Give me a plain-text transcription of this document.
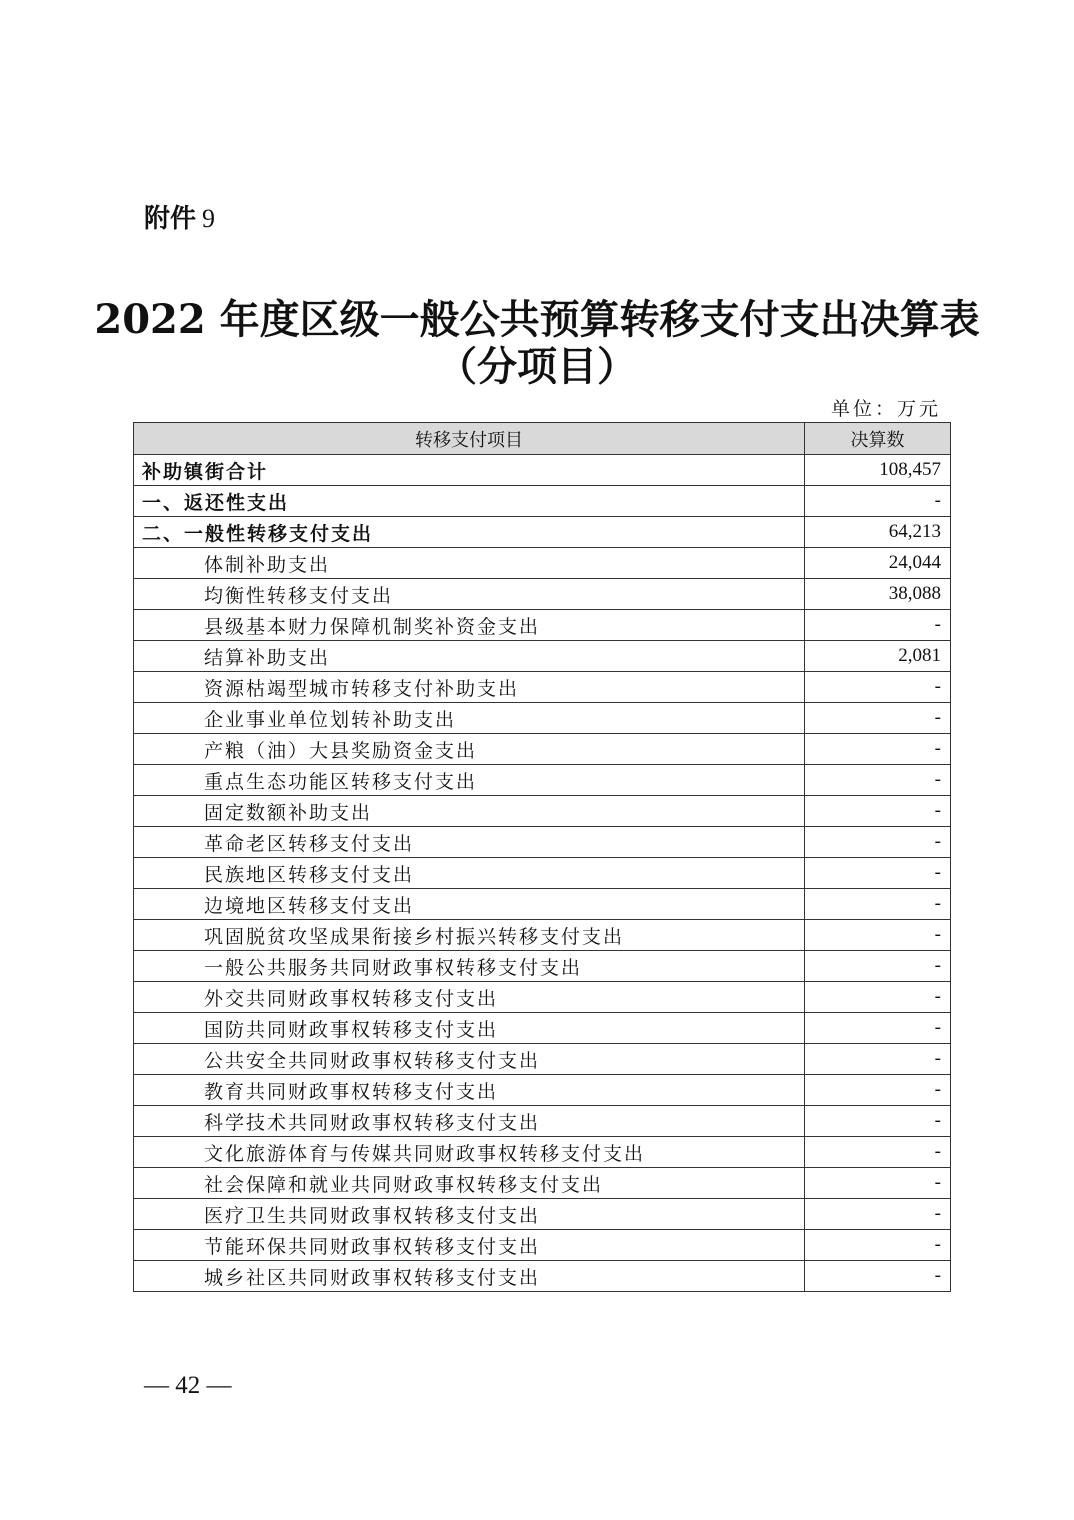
附件 9
2022 年度区级一般公共预算转移支付支出决算表
（分项目）
单位：万元
转移支付项目	决算数
补助镇街合计	108,457
一、返还性支出	-
二、一般性转移支付支出	64,213
体制补助支出	24,044
均衡性转移支付支出	38,088
县级基本财力保障机制奖补资金支出	-
结算补助支出	2,081
资源枯竭型城市转移支付补助支出	-
企业事业单位划转补助支出	-
产粮（油）大县奖励资金支出	-
重点生态功能区转移支付支出	-
固定数额补助支出	-
革命老区转移支付支出	-
民族地区转移支付支出	-
边境地区转移支付支出	-
巩固脱贫攻坚成果衔接乡村振兴转移支付支出	-
一般公共服务共同财政事权转移支付支出	-
外交共同财政事权转移支付支出	-
国防共同财政事权转移支付支出	-
公共安全共同财政事权转移支付支出	-
教育共同财政事权转移支付支出	-
科学技术共同财政事权转移支付支出	-
文化旅游体育与传媒共同财政事权转移支付支出	-
社会保障和就业共同财政事权转移支付支出	-
医疗卫生共同财政事权转移支付支出	-
节能环保共同财政事权转移支付支出	-
城乡社区共同财政事权转移支付支出	-
— 42 —
